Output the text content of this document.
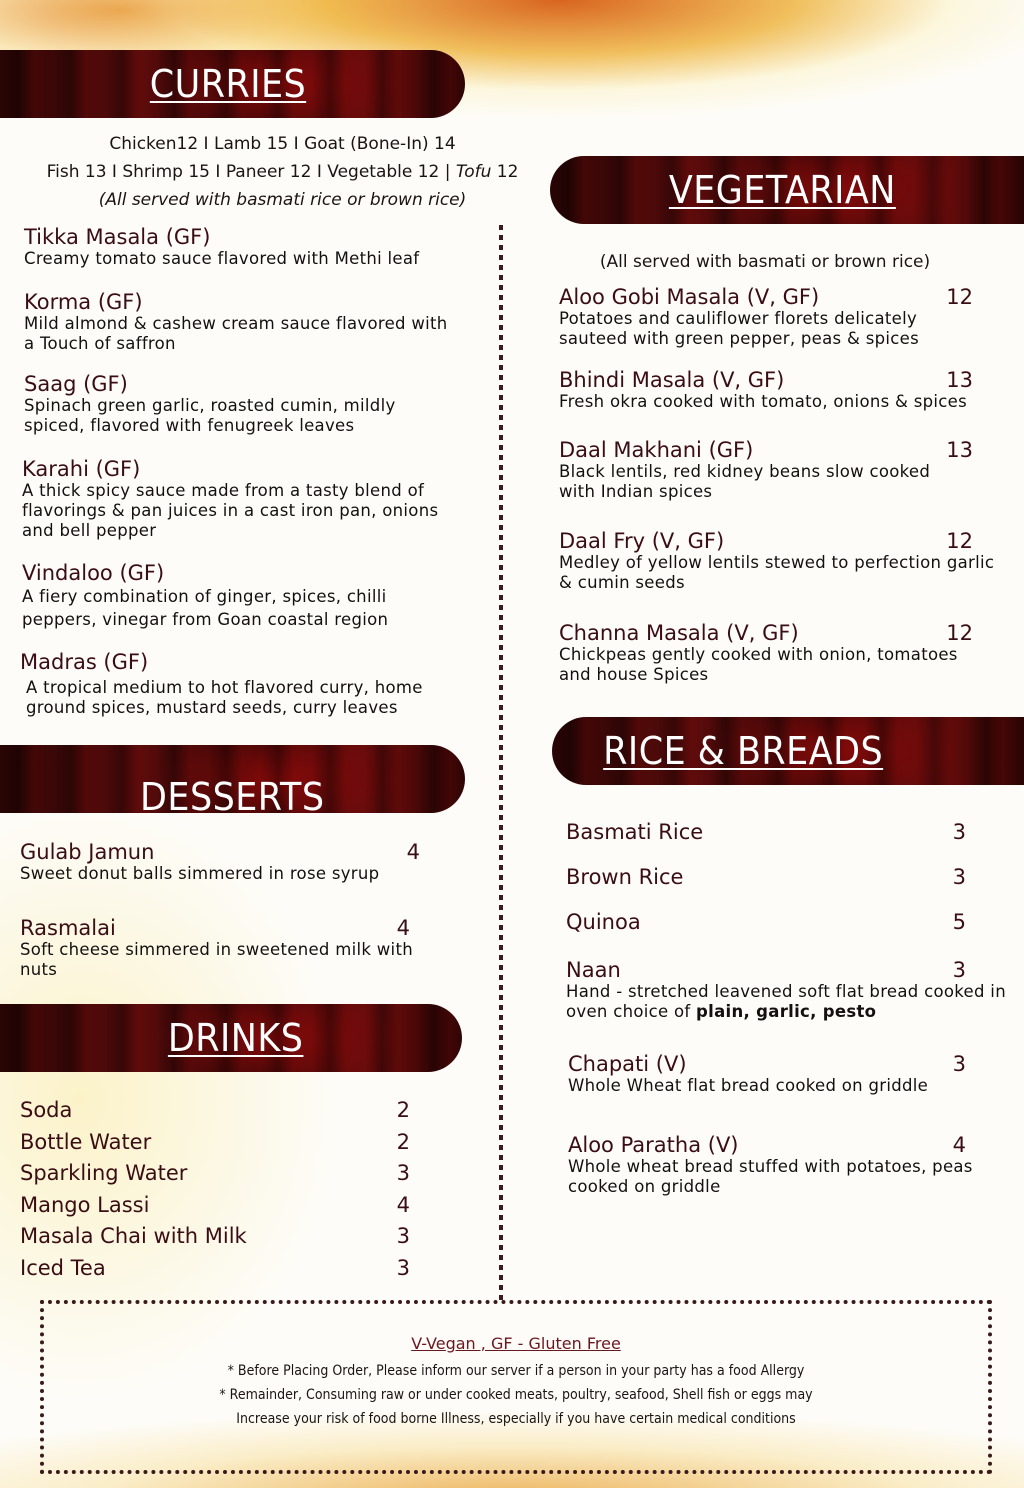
CURRIES
Chicken12 I Lamb 15 I Goat (Bone-In) 14
Fish 13 I Shrimp 15 I Paneer 12 I Vegetable 12 | Tofu 12
(All served with basmati rice or brown rice)
Tikka Masala (GF)
Creamy tomato sauce flavored with Methi leaf
Korma (GF)
Mild almond & cashew cream sauce flavored with a Touch of saffron
Saag (GF)
Spinach green garlic, roasted cumin, mildly spiced, flavored with fenugreek leaves
Karahi (GF)
A thick spicy sauce made from a tasty blend of flavorings & pan juices in a cast iron pan, onions and bell pepper
Vindaloo (GF)
A fiery combination of ginger, spices, chilli peppers, vinegar from Goan coastal region
Madras (GF)
A tropical medium to hot flavored curry, home ground spices, mustard seeds, curry leaves
DESSERTS
Gulab Jamun	4
Sweet donut balls simmered in rose syrup
Rasmalai	4
Soft cheese simmered in sweetened milk with nuts
DRINKS
Soda	2
Bottle Water	2
Sparkling Water	3
Mango Lassi	4
Masala Chai with Milk	3
Iced Tea	3
VEGETARIAN
(All served with basmati or brown rice)
Aloo Gobi Masala (V, GF)	12
Potatoes and cauliflower florets delicately sauteed with green pepper, peas & spices
Bhindi Masala (V, GF)	13
Fresh okra cooked with tomato, onions & spices
Daal Makhani (GF)	13
Black lentils, red kidney beans slow cooked with Indian spices
Daal Fry (V, GF)	12
Medley of yellow lentils stewed to perfection garlic & cumin seeds
Channa Masala (V, GF)	12
Chickpeas gently cooked with onion, tomatoes and house Spices
RICE & BREADS
Basmati Rice	3
Brown Rice	3
Quinoa	5
Naan	3
Hand - stretched leavened soft flat bread cooked in oven choice of plain, garlic, pesto
Chapati (V)	3
Whole Wheat flat bread cooked on griddle
Aloo Paratha (V)	4
Whole wheat bread stuffed with potatoes, peas cooked on griddle
V-Vegan , GF - Gluten Free
* Before Placing Order, Please inform our server if a person in your party has a food Allergy
* Remainder, Consuming raw or under cooked meats, poultry, seafood, Shell fish or eggs may
Increase your risk of food borne Illness, especially if you have certain medical conditions
